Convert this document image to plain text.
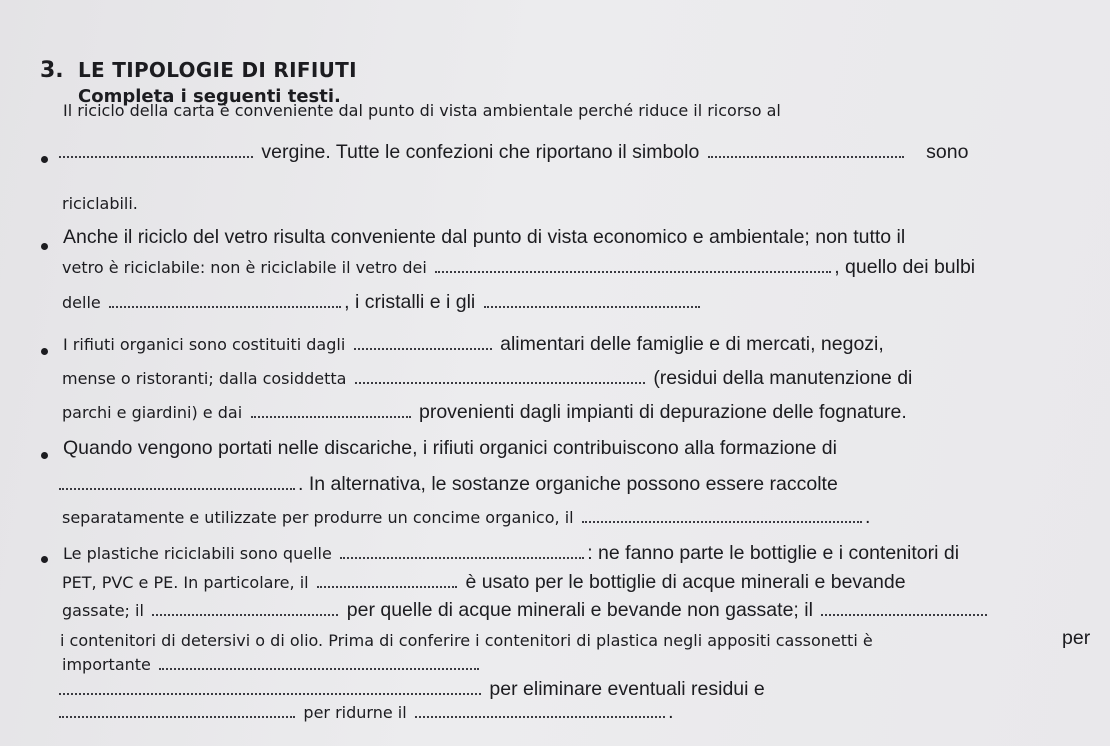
3. LE TIPOLOGIE DI RIFIUTI
Completa i seguenti testi.
Il riciclo della carta è conveniente dal punto di vista ambientale perché riduce il ricorso al
vergine. Tutte le confezioni che riportano il simbolo	sono
riciclabili.
Anche il riciclo del vetro risulta conveniente dal punto di vista economico e ambientale; non tutto il
vetro è riciclabile: non è riciclabile il vetro dei	, quello dei bulbi
delle	, i cristalli e i gli
I rifiuti organici sono costituiti dagli	alimentari delle famiglie e di mercati, negozi,
mense o ristoranti; dalla cosiddetta	(residui della manutenzione di
parchi e giardini) e dai	provenienti dagli impianti di depurazione delle fognature.
Quando vengono portati nelle discariche, i rifiuti organici contribuiscono alla formazione di
. In alternativa, le sostanze organiche possono essere raccolte
separatamente e utilizzate per produrre un concime organico, il	.
Le plastiche riciclabili sono quelle	: ne fanno parte le bottiglie e i contenitori di
PET, PVC e PE. In particolare, il	è usato per le bottiglie di acque minerali e bevande
gassate; il	per quelle di acque minerali e bevande non gassate; il
per
i contenitori di detersivi o di olio. Prima di conferire i contenitori di plastica negli appositi cassonetti è
importante
per eliminare eventuali residui e
per ridurne il	.
